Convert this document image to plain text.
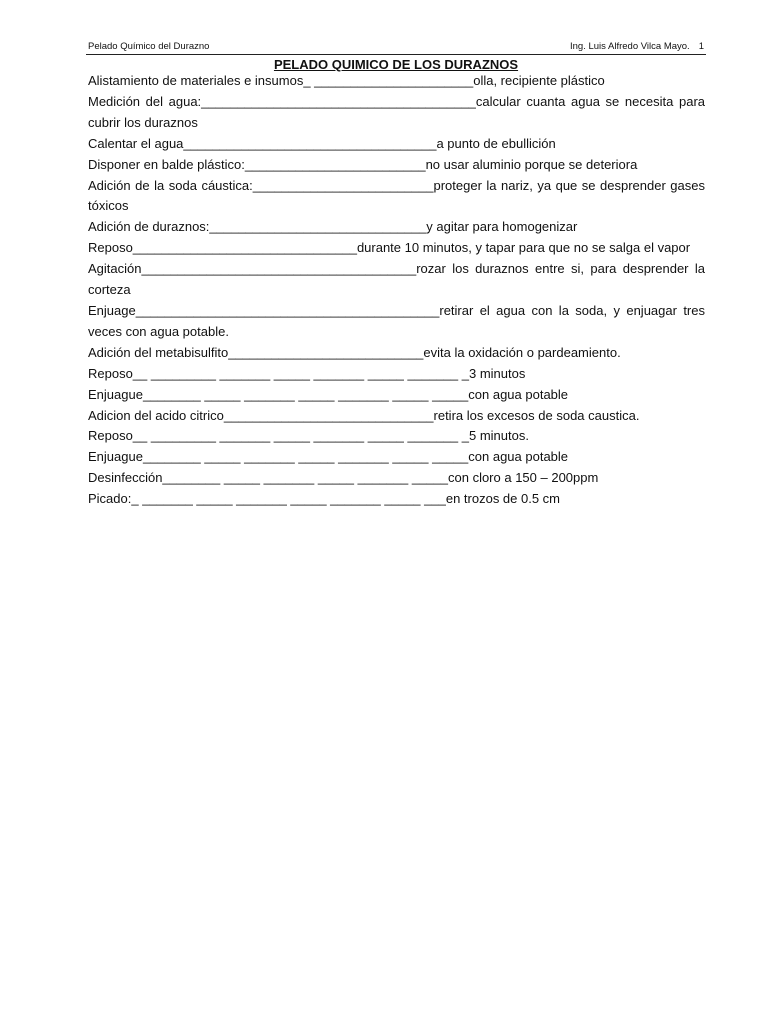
Pelado Químico del Durazno	Ing. Luis Alfredo Vilca Mayo. 1
PELADO QUIMICO DE LOS DURAZNOS

Alistamiento de materiales e insumos_ ______________________olla, recipiente plástico

Medición del agua:______________________________________calcular cuanta agua se necesita para cubrir los duraznos

Calentar el agua___________________________________a punto de ebullición

Disponer en balde plástico:_________________________no usar aluminio porque se deteriora

Adición de la soda cáustica:_________________________proteger la nariz, ya que se desprender gases tóxicos

Adición de duraznos:______________________________y agitar para homogenizar

Reposo_______________________________durante 10 minutos, y tapar para que no se salga el vapor

Agitación______________________________________rozar los duraznos entre si, para desprender la corteza

Enjuage__________________________________________retirar el agua con la soda, y enjuagar tres veces con agua potable.

Adición del metabisulfito___________________________evita la oxidación o pardeamiento.

Reposo__ _________ _______ _____ _______ _____ _______ _3 minutos

Enjuague________ _____ _______ _____ _______ _____ _____con agua potable

Adicion del acido citrico_____________________________retira los excesos de soda caustica.

Reposo__ _________ _______ _____ _______ _____ _______ _5 minutos.

Enjuague________ _____ _______ _____ _______ _____ _____con agua potable

Desinfección________ _____ _______ _____ _______ _____con cloro a 150 – 200ppm

Picado:_ _______ _____ _______ _____ _______ _____ ___en trozos de 0.5 cm
